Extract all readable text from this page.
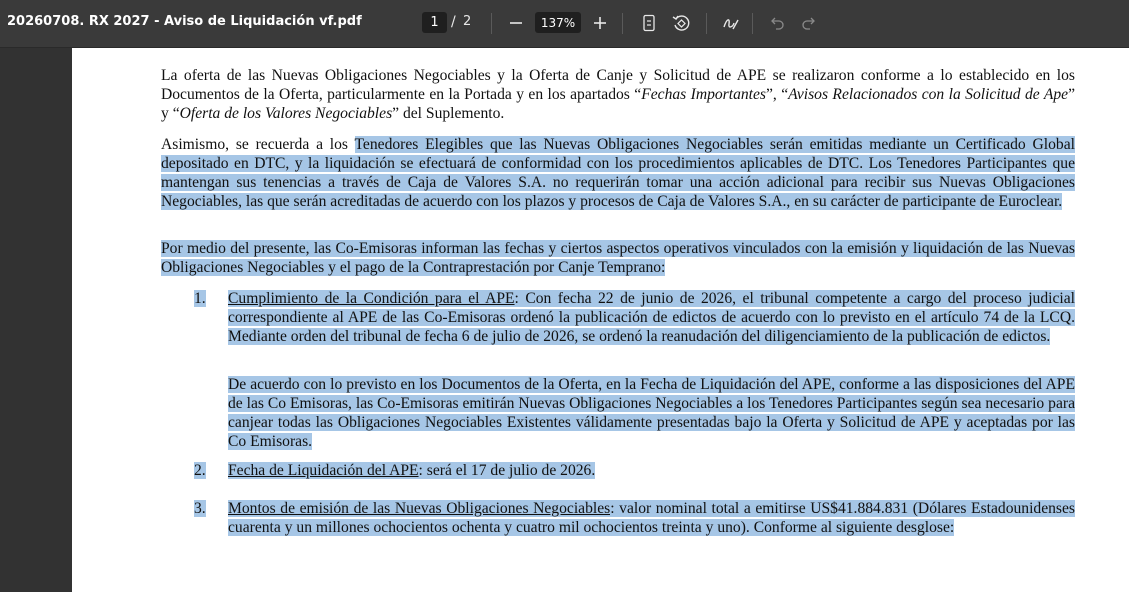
20260708. RX 2027 - Aviso de Liquidación vf.pdf
1	/ 2	137%
La oferta de las Nuevas Obligaciones Negociables y la Oferta de Canje y Solicitud de APE se realizaron conforme a lo establecido en los Documentos de la Oferta, particularmente en la Portada y en los apartados “Fechas Importantes”, “Avisos Relacionados con la Solicitud de Ape” y “Oferta de los Valores Negociables” del Suplemento.
Asimismo, se recuerda a los Tenedores Elegibles que las Nuevas Obligaciones Negociables serán emitidas mediante un Certificado Global depositado en DTC, y la liquidación se efectuará de conformidad con los procedimientos aplicables de DTC. Los Tenedores Participantes que mantengan sus tenencias a través de Caja de Valores S.A. no requerirán tomar una acción adicional para recibir sus Nuevas Obligaciones Negociables, las que serán acreditadas de acuerdo con los plazos y procesos de Caja de Valores S.A., en su carácter de participante de Euroclear.
Por medio del presente, las Co-Emisoras informan las fechas y ciertos aspectos operativos vinculados con la emisión y liquidación de las Nuevas Obligaciones Negociables y el pago de la Contraprestación por Canje Temprano:
1. Cumplimiento de la Condición para el APE: Con fecha 22 de junio de 2026, el tribunal competente a cargo del proceso judicial correspondiente al APE de las Co-Emisoras ordenó la publicación de edictos de acuerdo con lo previsto en el artículo 74 de la LCQ. Mediante orden del tribunal de fecha 6 de julio de 2026, se ordenó la reanudación del diligenciamiento de la publicación de edictos.
De acuerdo con lo previsto en los Documentos de la Oferta, en la Fecha de Liquidación del APE, conforme a las disposiciones del APE de las Co Emisoras, las Co-Emisoras emitirán Nuevas Obligaciones Negociables a los Tenedores Participantes según sea necesario para canjear todas las Obligaciones Negociables Existentes válidamente presentadas bajo la Oferta y Solicitud de APE y aceptadas por las Co Emisoras.
2. Fecha de Liquidación del APE: será el 17 de julio de 2026.
3. Montos de emisión de las Nuevas Obligaciones Negociables: valor nominal total a emitirse US$41.884.831 (Dólares Estadounidenses cuarenta y un millones ochocientos ochenta y cuatro mil ochocientos treinta y uno). Conforme al siguiente desglose:
